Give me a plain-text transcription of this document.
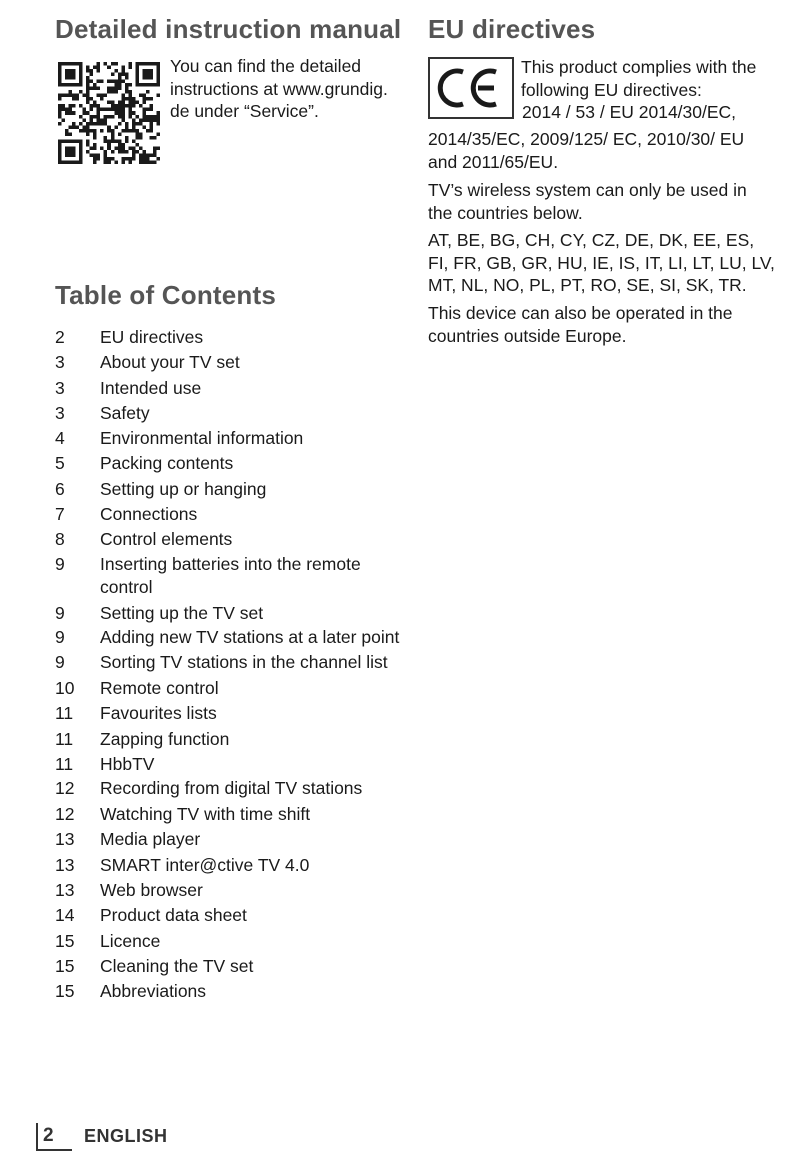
Detailed instruction manual
You can find the detailed instructions at www.grundig. de under “Service”.
Table of Contents
2	EU directives
3	About your TV set
3	Intended use
3	Safety
4	Environmental information
5	Packing contents
6	Setting up or hanging
7	Connections
8	Control elements
9	Inserting batteries into the remote control
9	Setting up the TV set
9	Adding new TV stations at a later point
9	Sorting TV stations in the channel list
10	Remote control
11	Favourites lists
11	Zapping function
11	HbbTV
12	Recording from digital TV stations
12	Watching TV with time shift
13	Media player
13	SMART inter@ctive TV 4.0
13	Web browser
14	Product data sheet
15	Licence
15	Cleaning the TV set
15	Abbreviations
EU directives
This product complies with the following EU directives:
2014 / 53 / EU 2014/30/EC,
2014/35/EC, 2009/125/ EC, 2010/30/ EU and 2011/65/EU.
TV’s wireless system can only be used in the countries below.
AT, BE, BG, CH, CY, CZ, DE, DK, EE, ES, FI, FR, GB, GR, HU, IE, IS, IT, LI, LT, LU, LV, MT, NL, NO, PL, PT, RO, SE, SI, SK, TR.
This device can also be operated in the countries outside Europe.
2 ENGLISH
